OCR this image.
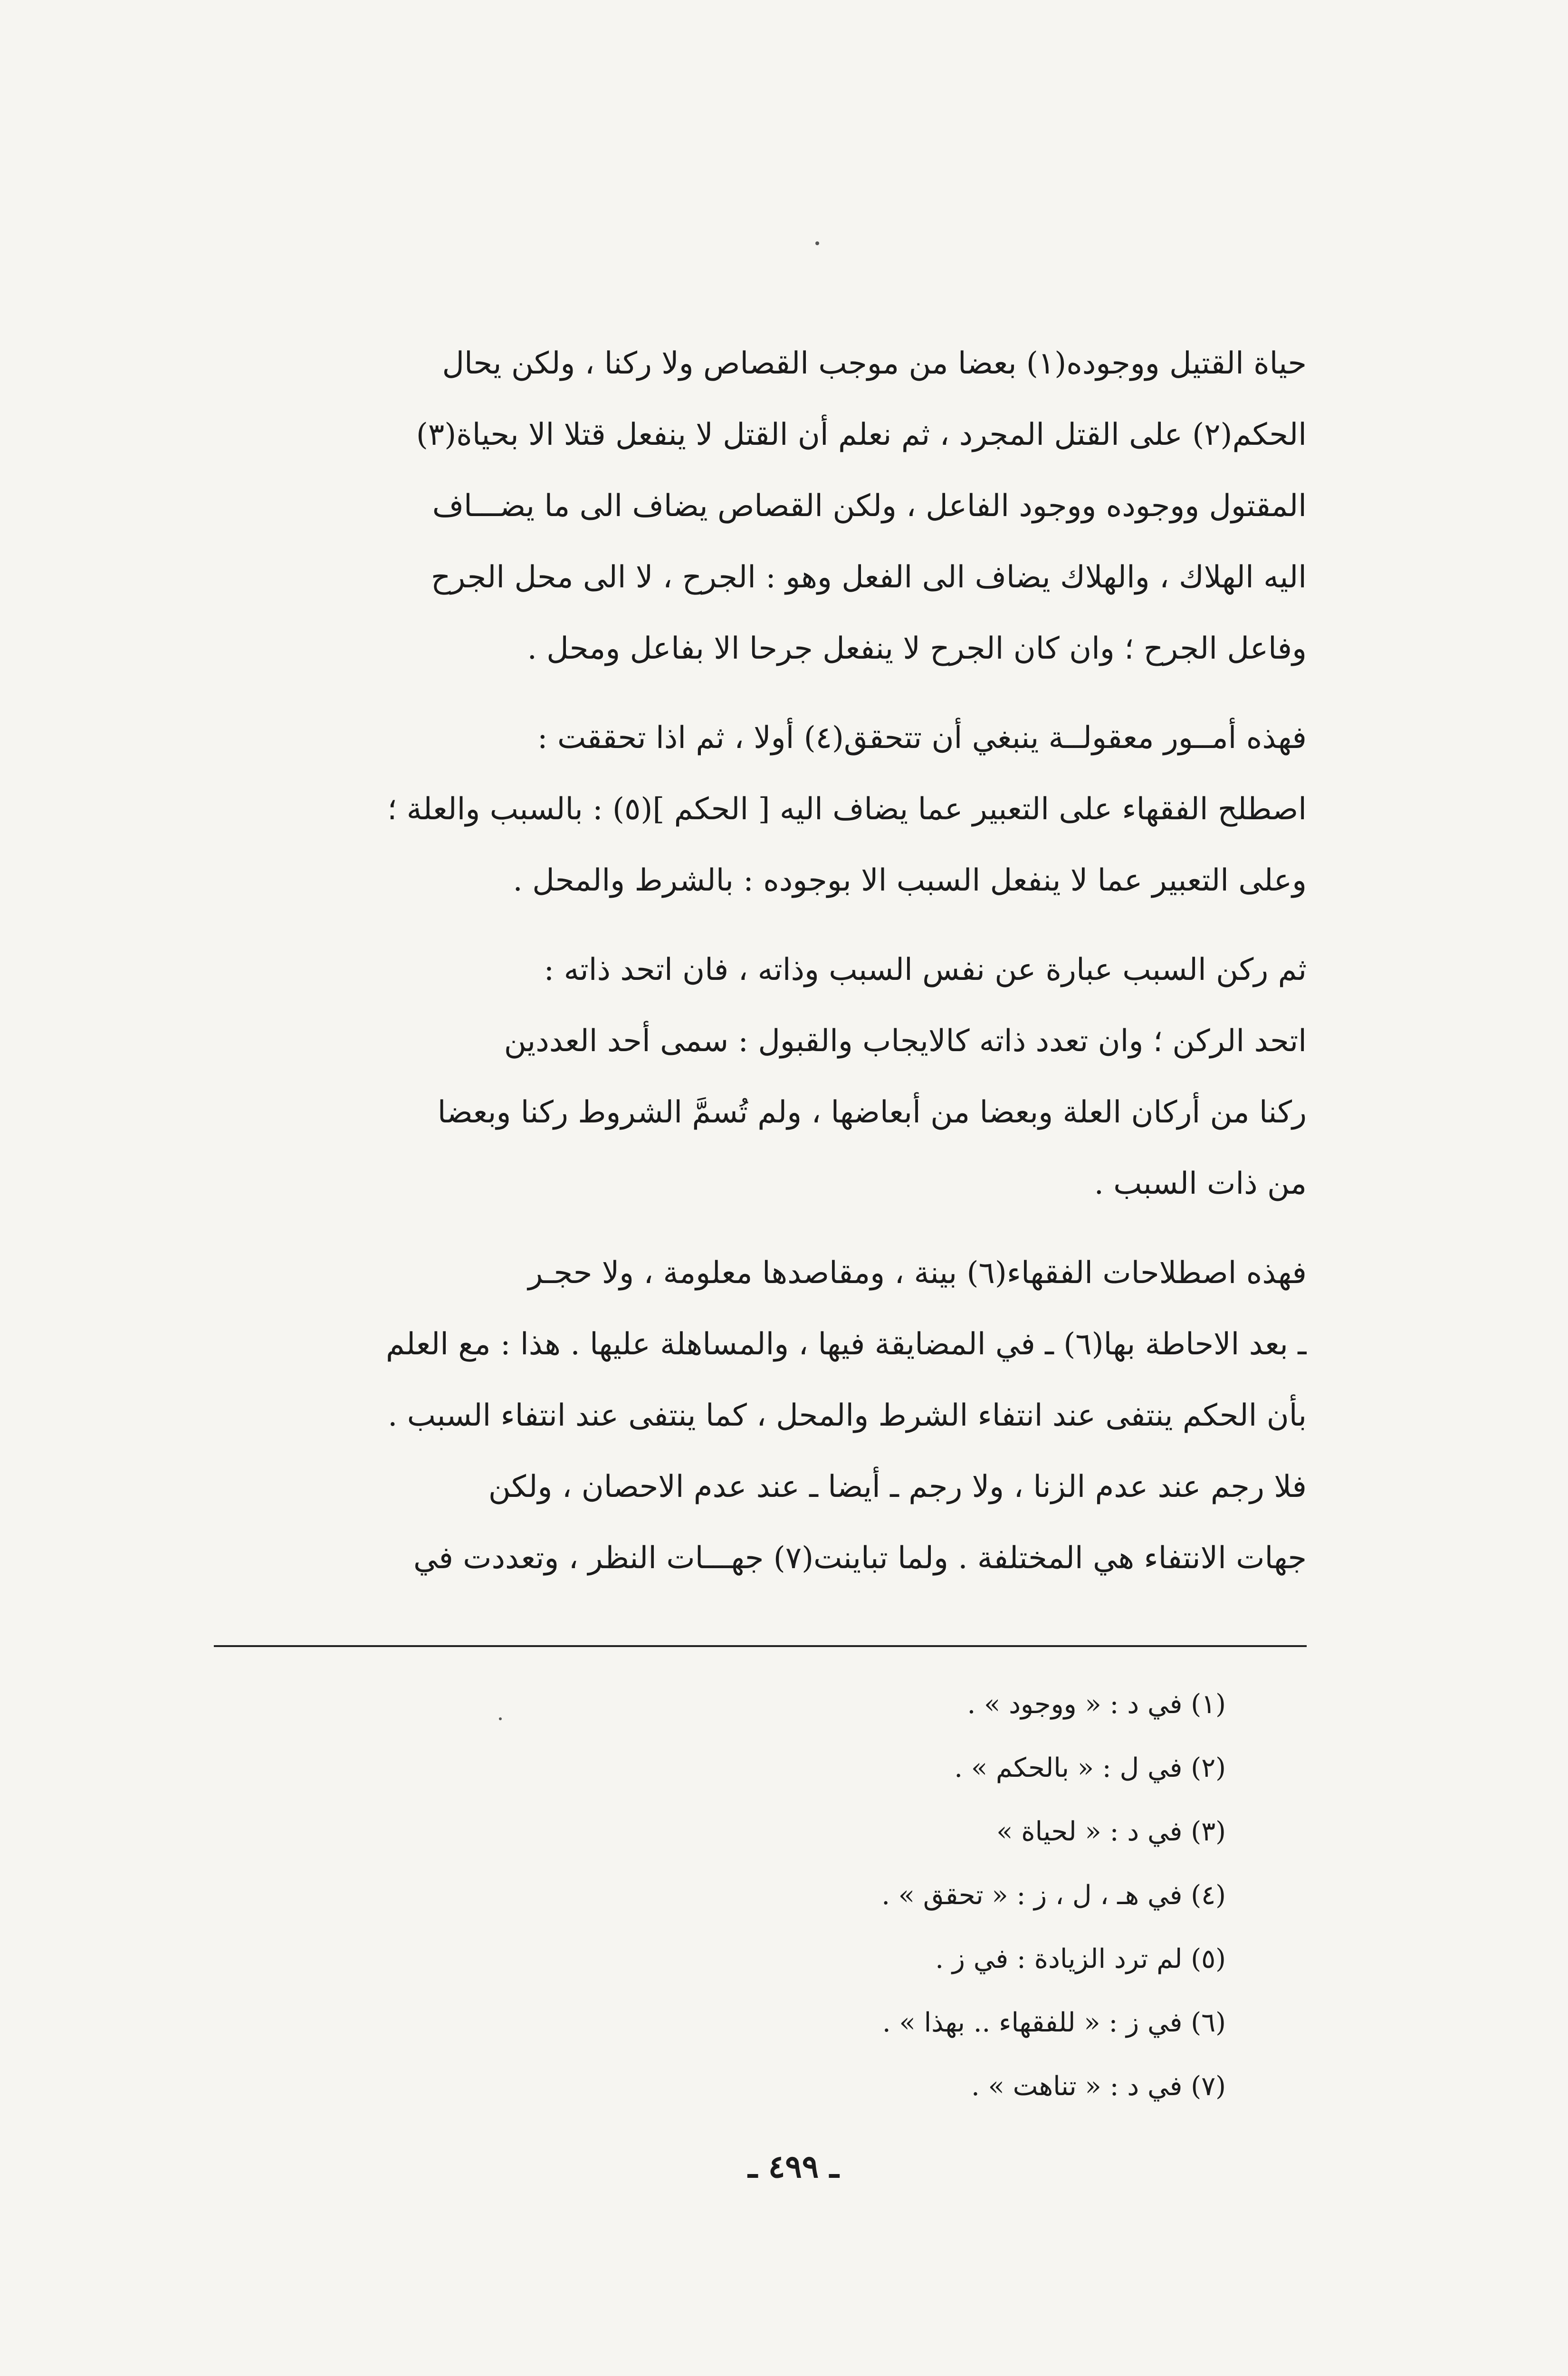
حياة القتيل ووجوده(١) بعضا من موجب القصاص ولا ركنا ، ولكن يحال
الحكم(٢) على القتل المجرد ، ثم نعلم أن القتل لا ينفعل قتلا الا بحياة(٣)
المقتول ووجوده ووجود الفاعل ، ولكن القصاص يضاف الى ما يضـــاف
اليه الهلاك ، والهلاك يضاف الى الفعل وهو : الجرح ، لا الى محل الجرح
وفاعل الجرح ؛ وان كان الجرح لا ينفعل جرحا الا بفاعل ومحل .
فهذه أمــور معقولــة ينبغي أن تتحقق(٤) أولا ، ثم اذا تحققت :
اصطلح الفقهاء على التعبير عما يضاف اليه [ الحكم ](٥) : بالسبب والعلة ؛
وعلى التعبير عما لا ينفعل السبب الا بوجوده : بالشرط والمحل .
ثم ركن السبب عبارة عن نفس السبب وذاته ، فان اتحد ذاته :
اتحد الركن ؛ وان تعدد ذاته كالايجاب والقبول : سمى أحد العددين
ركنا من أركان العلة وبعضا من أبعاضها ، ولم تُسمَّ الشروط ركنا وبعضا
من ذات السبب .
فهذه اصطلاحات الفقهاء(٦) بينة ، ومقاصدها معلومة ، ولا حجـر
ـ بعد الاحاطة بها(٦) ـ في المضايقة فيها ، والمساهلة عليها . هذا : مع العلم
بأن الحكم ينتفى عند انتفاء الشرط والمحل ، كما ينتفى عند انتفاء السبب .
فلا رجم عند عدم الزنا ، ولا رجم ـ أيضا ـ عند عدم الاحصان ، ولكن
جهات الانتفاء هي المختلفة . ولما تباينت(٧) جهـــات النظر ، وتعددت في
(١) في د : « ووجود » .
(٢) في ل : « بالحكم » .
(٣) في د : « لحياة »
(٤) في هـ ، ل ، ز : « تحقق » .
(٥) لم ترد الزيادة : في ز .
(٦) في ز : « للفقهاء .. بهذا » .
(٧) في د : « تناهت » .
ـ ٤٩٩ ـ
